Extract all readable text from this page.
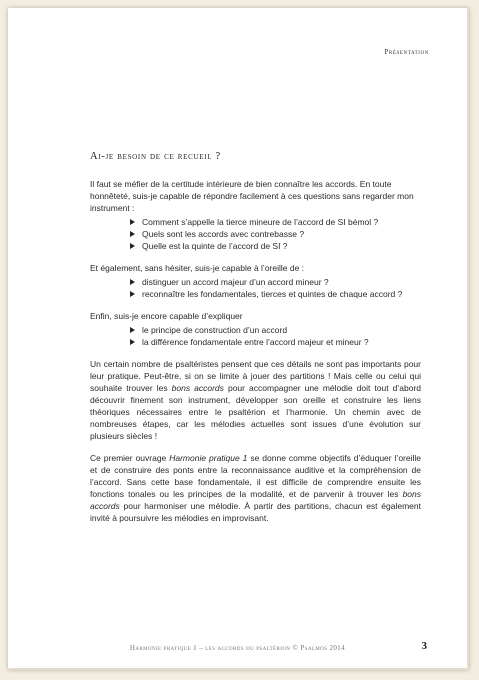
Présentation
Ai-je besoin de ce recueil ?

Il faut se méfier de la certitude intérieure de bien connaître les accords. En toute honnêteté, suis-je capable de répondre facilement à ces questions sans regarder mon instrument :

Comment s’appelle la tierce mineure de l’accord de SI bémol ?
Quels sont les accords avec contrebasse ?
Quelle est la quinte de l’accord de SI ?

Et également, sans hésiter, suis-je capable à l’oreille de :

distinguer un accord majeur d’un accord mineur ?
reconnaître les fondamentales, tierces et quintes de chaque accord ?

Enfin, suis-je encore capable d’expliquer

le principe de construction d’un accord
la différence fondamentale entre l’accord majeur et mineur ?

Un certain nombre de psaltéristes pensent que ces détails ne sont pas importants pour leur pratique. Peut-être, si on se limite à jouer des partitions ! Mais celle ou celui qui souhaite trouver les bons accords pour accompagner une mélodie doit tout d’abord découvrir finement son instrument, développer son oreille et construire les liens théoriques nécessaires entre le psaltérion et l’harmonie. Un chemin avec de nombreuses étapes, car les mélodies actuelles sont issues d’une évolution sur plusieurs siècles !

Ce premier ouvrage Harmonie pratique 1 se donne comme objectifs d’éduquer l’oreille et de construire des ponts entre la reconnaissance auditive et la compréhension de l’accord. Sans cette base fondamentale, il est difficile de comprendre ensuite les fonctions tonales ou les principes de la modalité, et de parvenir à trouver les bons accords pour harmoniser une mélodie. À partir des partitions, chacun est également invité à poursuivre les mélodies en improvisant.

Harmonie pratique 1 – les accords du psaltérion © Psalmos 2014	3
